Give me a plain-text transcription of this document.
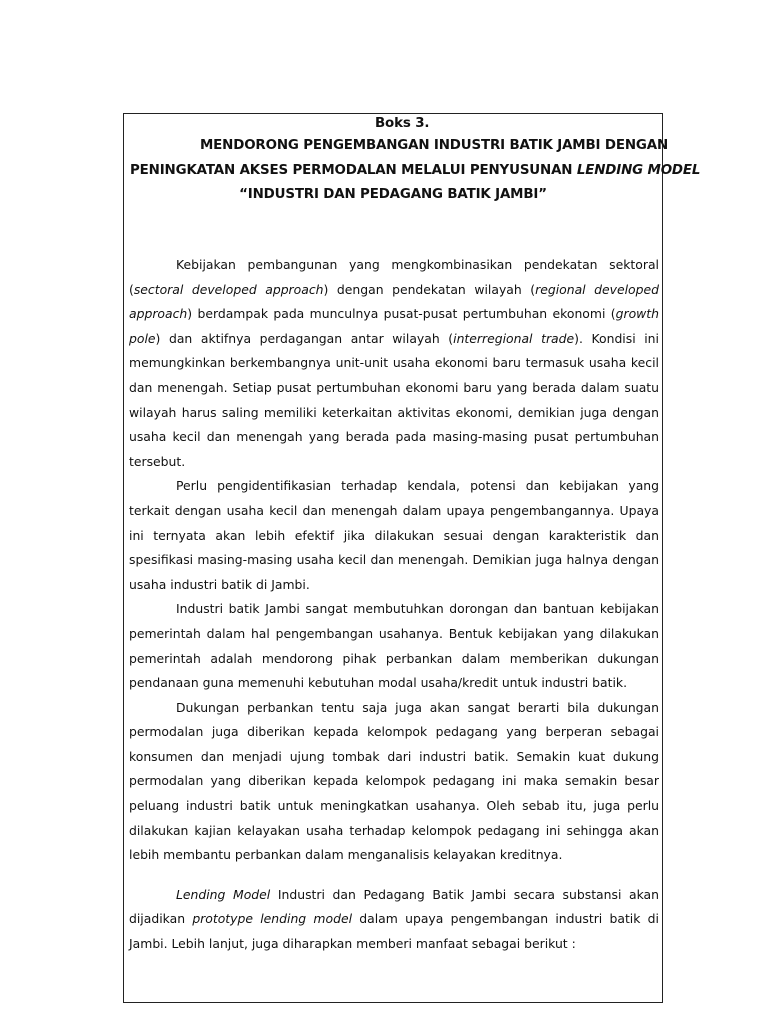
Boks 3.
MENDORONG PENGEMBANGAN INDUSTRI BATIK JAMBI DENGAN
PENINGKATAN AKSES PERMODALAN MELALUI PENYUSUNAN LENDING MODEL
“INDUSTRI DAN PEDAGANG BATIK JAMBI”

Kebijakan pembangunan yang mengkombinasikan pendekatan sektoral (sectoral developed approach) dengan pendekatan wilayah (regional developed approach) berdampak pada munculnya pusat-pusat pertumbuhan ekonomi (growth pole) dan aktifnya perdagangan antar wilayah (interregional trade). Kondisi ini memungkinkan berkembangnya unit-unit usaha ekonomi baru termasuk usaha kecil dan menengah. Setiap pusat pertumbuhan ekonomi baru yang berada dalam suatu wilayah harus saling memiliki keterkaitan aktivitas ekonomi, demikian juga dengan usaha kecil dan menengah yang berada pada masing-masing pusat pertumbuhan tersebut.

Perlu pengidentifikasian terhadap kendala, potensi dan kebijakan yang terkait dengan usaha kecil dan menengah dalam upaya pengembangannya. Upaya ini ternyata akan lebih efektif jika dilakukan sesuai dengan karakteristik dan spesifikasi masing-masing usaha kecil dan menengah. Demikian juga halnya dengan usaha industri batik di Jambi.

Industri batik Jambi sangat membutuhkan dorongan dan bantuan kebijakan pemerintah dalam hal pengembangan usahanya. Bentuk kebijakan yang dilakukan pemerintah adalah mendorong pihak perbankan dalam memberikan dukungan pendanaan guna memenuhi kebutuhan modal usaha/kredit untuk industri batik.

Dukungan perbankan tentu saja juga akan sangat berarti bila dukungan permodalan juga diberikan kepada kelompok pedagang yang berperan sebagai konsumen dan menjadi ujung tombak dari industri batik. Semakin kuat dukung permodalan yang diberikan kepada kelompok pedagang ini maka semakin besar peluang industri batik untuk meningkatkan usahanya. Oleh sebab itu, juga perlu dilakukan kajian kelayakan usaha terhadap kelompok pedagang ini sehingga akan lebih membantu perbankan dalam menganalisis kelayakan kreditnya.

Lending Model Industri dan Pedagang Batik Jambi secara substansi akan dijadikan prototype lending model dalam upaya pengembangan industri batik di Jambi. Lebih lanjut, juga diharapkan memberi manfaat sebagai berikut :
